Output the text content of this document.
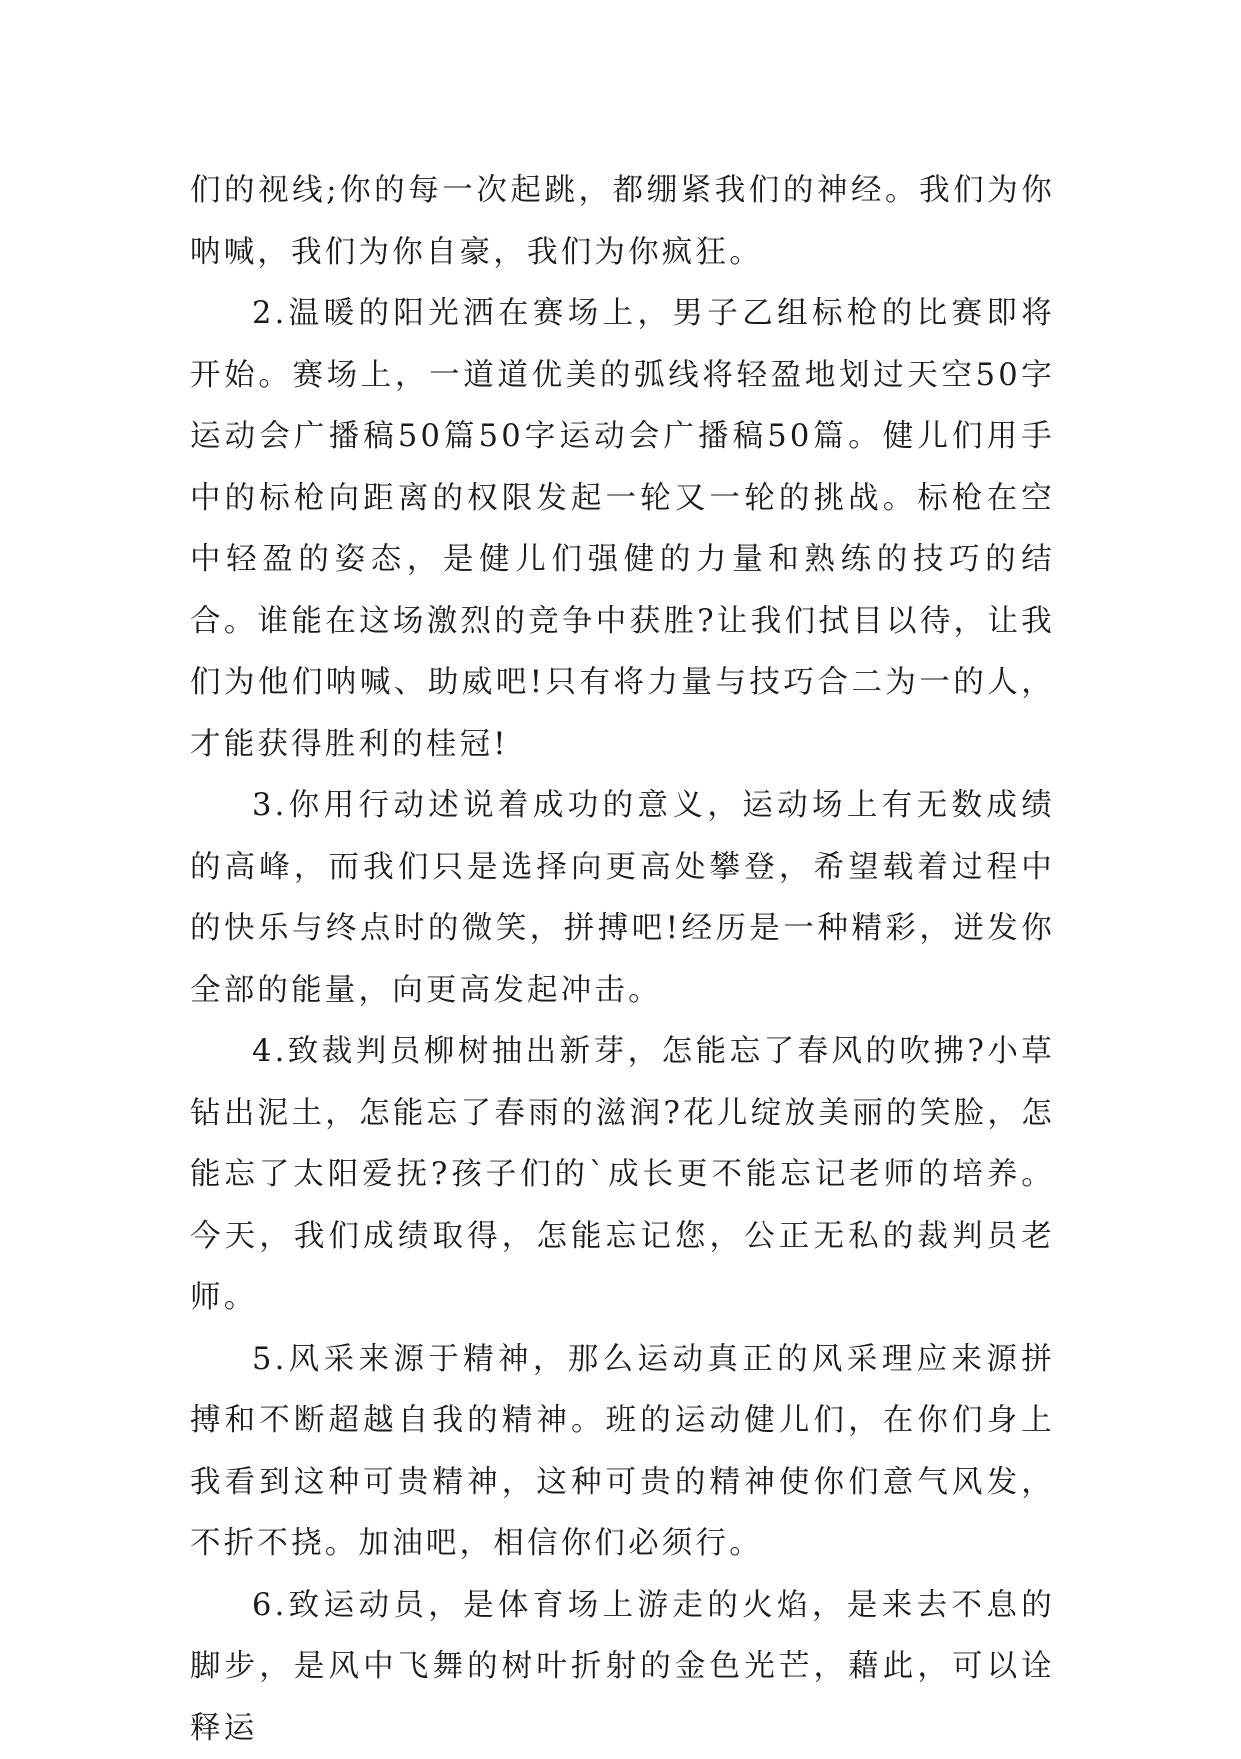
们的视线;你的每一次起跳，都绷紧我们的神经。我们为你呐喊，我们为你自豪，我们为你疯狂。

2.温暖的阳光洒在赛场上，男子乙组标枪的比赛即将开始。赛场上，一道道优美的弧线将轻盈地划过天空50字运动会广播稿50篇50字运动会广播稿50篇。健儿们用手中的标枪向距离的权限发起一轮又一轮的挑战。标枪在空中轻盈的姿态，是健儿们强健的力量和熟练的技巧的结合。谁能在这场激烈的竞争中获胜?让我们拭目以待，让我们为他们呐喊、助威吧!只有将力量与技巧合二为一的人，才能获得胜利的桂冠!

3.你用行动述说着成功的意义，运动场上有无数成绩的高峰，而我们只是选择向更高处攀登，希望载着过程中的快乐与终点时的微笑，拼搏吧!经历是一种精彩，迸发你全部的能量，向更高发起冲击。

4.致裁判员柳树抽出新芽，怎能忘了春风的吹拂?小草钻出泥土，怎能忘了春雨的滋润?花儿绽放美丽的笑脸，怎能忘了太阳爱抚?孩子们的`成长更不能忘记老师的培养。今天，我们成绩取得，怎能忘记您，公正无私的裁判员老师。

5.风采来源于精神，那么运动真正的风采理应来源拼搏和不断超越自我的精神。班的运动健儿们，在你们身上我看到这种可贵精神，这种可贵的精神使你们意气风发，不折不挠。加油吧，相信你们必须行。

6.致运动员，是体育场上游走的火焰，是来去不息的脚步，是风中飞舞的树叶折射的金色光芒，藉此，可以诠释运
